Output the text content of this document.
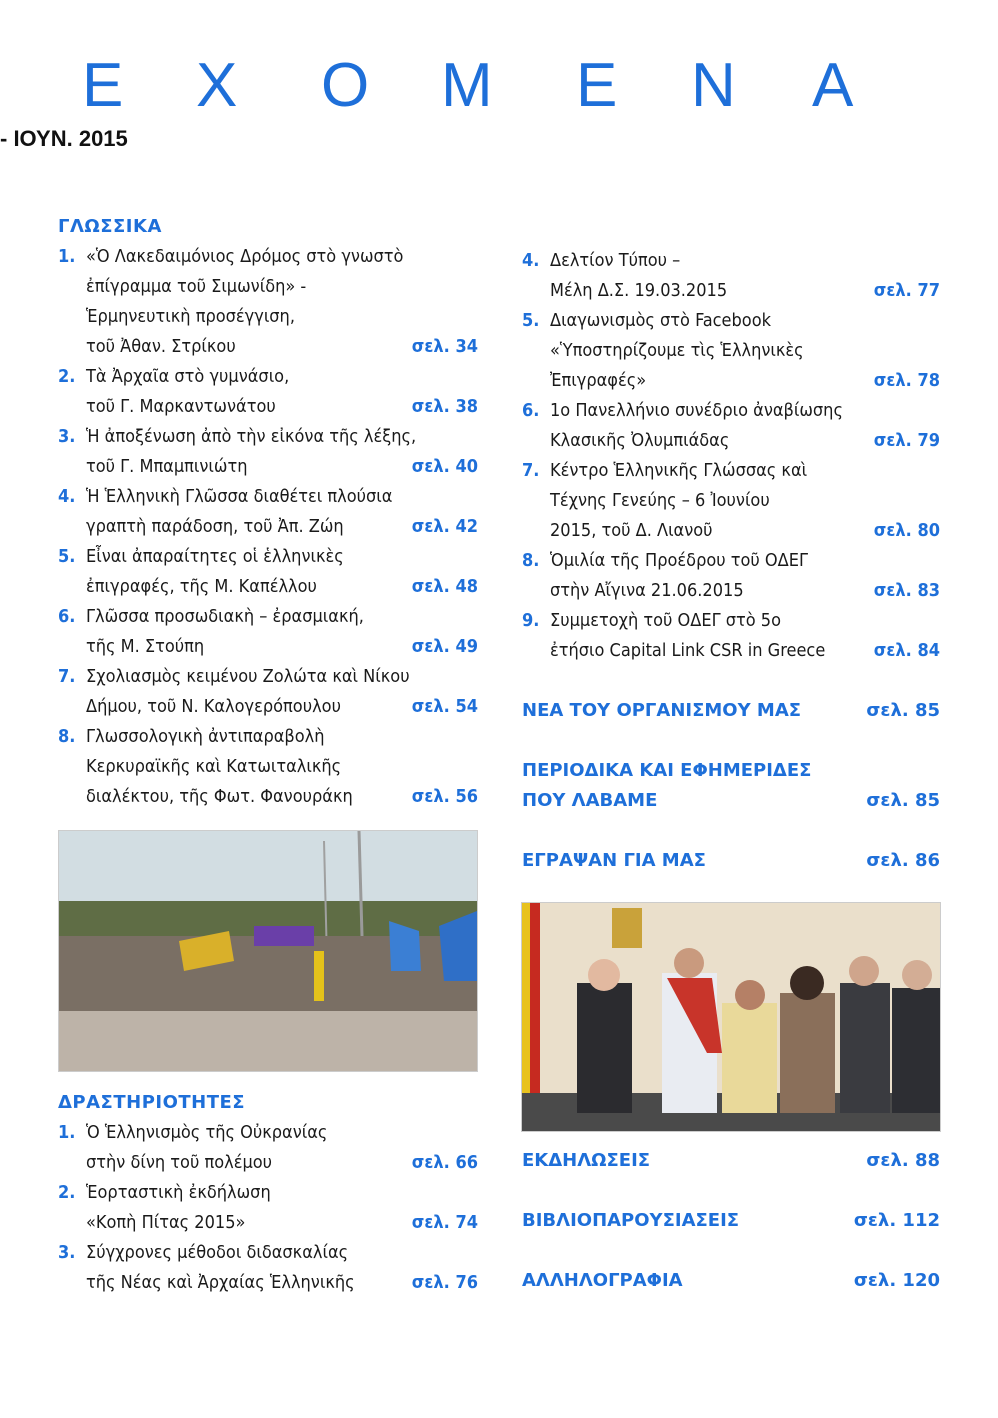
Ε Χ Ο Μ Ε Ν Α
- ΙΟΥΝ. 2015
ΓΛΩΣΣΙΚΑ
1. «Ὁ Λακεδαιμόνιος Δρόμος στὸ γνωστὸ
ἐπίγραμμα τοῦ Σιμωνίδη» -
Ἑρμηνευτικὴ προσέγγιση,
τοῦ Ἀθαν. Στρίκου	σελ. 34
2. Τὰ Ἀρχαῖα στὸ γυμνάσιο,
τοῦ Γ. Μαρκαντωνάτου	σελ. 38
3. Ἡ ἀποξένωση ἀπὸ τὴν εἰκόνα τῆς λέξης,
τοῦ Γ. Μπαμπινιώτη	σελ. 40
4. Ἡ Ἑλληνικὴ Γλῶσσα διαθέτει πλούσια
γραπτὴ παράδοση, τοῦ Ἀπ. Ζώη	σελ. 42
5. Εἶναι ἀπαραίτητες οἱ ἑλληνικὲς
ἐπιγραφές, τῆς Μ. Καπέλλου	σελ. 48
6. Γλῶσσα προσωδιακὴ – ἐρασμιακή,
τῆς Μ. Στούπη	σελ. 49
7. Σχολιασμὸς κειμένου Ζολώτα καὶ Νίκου
Δήμου, τοῦ Ν. Καλογερόπουλου	σελ. 54
8. Γλωσσολογικὴ ἀντιπαραβολὴ
Κερκυραϊκῆς καὶ Κατωιταλικῆς
διαλέκτου, τῆς Φωτ. Φανουράκη	σελ. 56
ΔΡΑΣΤΗΡΙΟΤΗΤΕΣ
1. Ὁ Ἑλληνισμὸς τῆς Οὐκρανίας
στὴν δίνη τοῦ πολέμου	σελ. 66
2. Ἑορταστικὴ ἐκδήλωση
«Κοπὴ Πίτας 2015»	σελ. 74
3. Σύγχρονες μέθοδοι διδασκαλίας
τῆς Νέας καὶ Ἀρχαίας Ἑλληνικῆς	σελ. 76
4. Δελτίον Τύπου –
Μέλη Δ.Σ. 19.03.2015	σελ. 77
5. Διαγωνισμὸς στὸ Facebook
«Ὑποστηρίζουμε τὶς Ἑλληνικὲς
Ἐπιγραφές»	σελ. 78
6. 1ο Πανελλήνιο συνέδριο ἀναβίωσης
Κλασικῆς Ὀλυμπιάδας	σελ. 79
7. Κέντρο Ἑλληνικῆς Γλώσσας καὶ
Τέχνης Γενεύης – 6 Ἰουνίου
2015, τοῦ Δ. Λιανοῦ	σελ. 80
8. Ὁμιλία τῆς Προέδρου τοῦ ΟΔΕΓ
στὴν Αἴγινα 21.06.2015	σελ. 83
9. Συμμετοχὴ τοῦ ΟΔΕΓ στὸ 5ο
ἐτήσιο Capital Link CSR in Greece	σελ. 84
ΝΕΑ ΤΟΥ ΟΡΓΑΝΙΣΜΟΥ ΜΑΣ	σελ. 85
ΠΕΡΙΟΔΙΚΑ ΚΑΙ ΕΦΗΜΕΡΙΔΕΣ
ΠΟΥ ΛΑΒΑΜΕ	σελ. 85
ΕΓΡΑΨΑΝ ΓΙΑ ΜΑΣ	σελ. 86
ΕΚΔΗΛΩΣΕΙΣ	σελ. 88
ΒΙΒΛΙΟΠΑΡΟΥΣΙΑΣΕΙΣ	σελ. 112
ΑΛΛΗΛΟΓΡΑΦΙΑ	σελ. 120
